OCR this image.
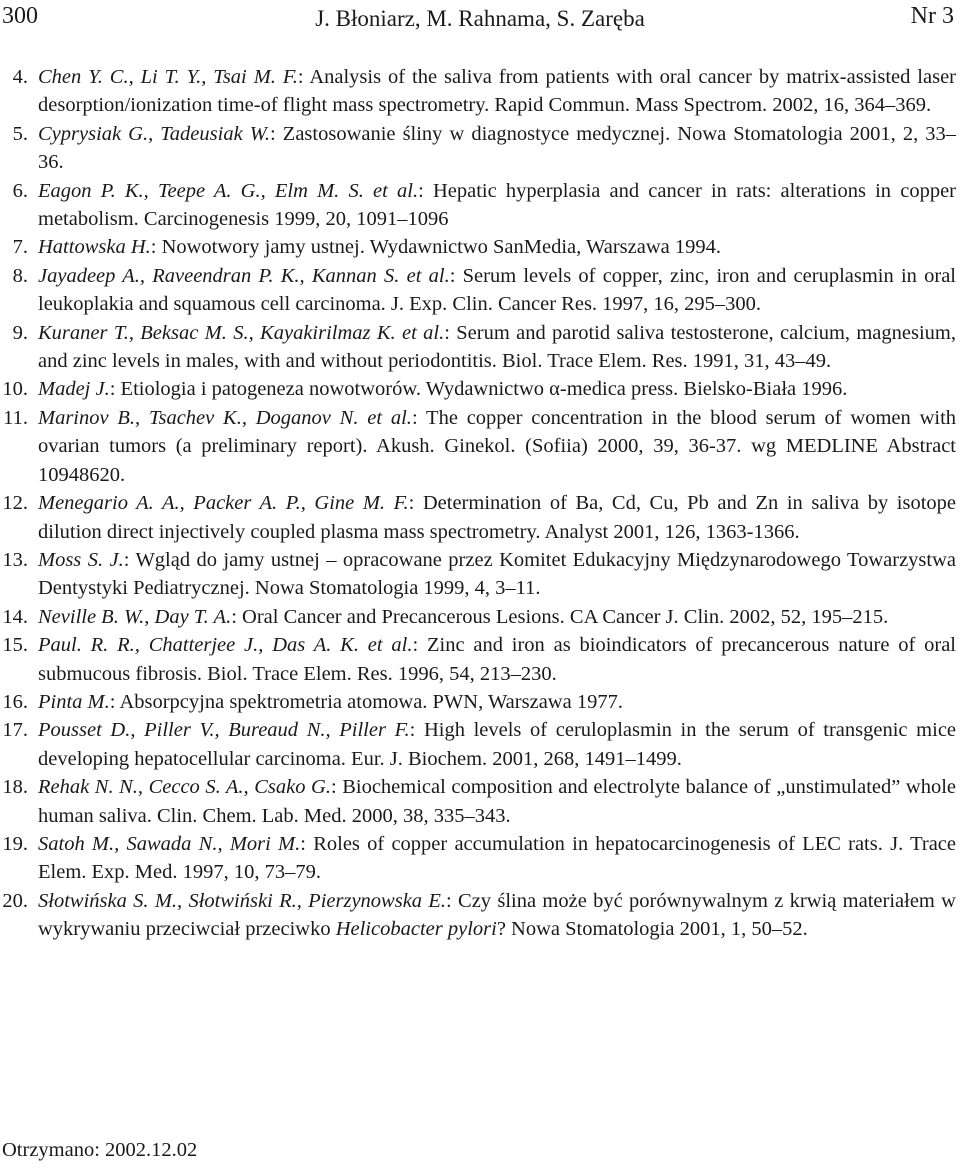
300	J. Błoniarz, M. Rahnama, S. Zaręba	Nr 3

4. Chen Y. C., Li T. Y., Tsai M. F.: Analysis of the saliva from patients with oral cancer by matrix-assisted laser desorption/ionization time-of flight mass spectrometry. Rapid Commun. Mass Spectrom. 2002, 16, 364–369.

5. Cyprysiak G., Tadeusiak W.: Zastosowanie śliny w diagnostyce medycznej. Nowa Stomatologia 2001, 2, 33–36.

6. Eagon P. K., Teepe A. G., Elm M. S. et al.: Hepatic hyperplasia and cancer in rats: alterations in copper metabolism. Carcinogenesis 1999, 20, 1091–1096

7. Hattowska H.: Nowotwory jamy ustnej. Wydawnictwo SanMedia, Warszawa 1994.

8. Jayadeep A., Raveendran P. K., Kannan S. et al.: Serum levels of copper, zinc, iron and ceruplasmin in oral leukoplakia and squamous cell carcinoma. J. Exp. Clin. Cancer Res. 1997, 16, 295–300.

9. Kuraner T., Beksac M. S., Kayakirilmaz K. et al.: Serum and parotid saliva testosterone, calcium, magnesium, and zinc levels in males, with and without periodontitis. Biol. Trace Elem. Res. 1991, 31, 43–49.

10. Madej J.: Etiologia i patogeneza nowotworów. Wydawnictwo α-medica press. Bielsko-Biała 1996.

11. Marinov B., Tsachev K., Doganov N. et al.: The copper concentration in the blood serum of women with ovarian tumors (a preliminary report). Akush. Ginekol. (Sofiia) 2000, 39, 36-37. wg MEDLINE Abstract 10948620.

12. Menegario A. A., Packer A. P., Gine M. F.: Determination of Ba, Cd, Cu, Pb and Zn in saliva by isotope dilution direct injectively coupled plasma mass spectrometry. Analyst 2001, 126, 1363-1366.

13. Moss S. J.: Wgląd do jamy ustnej – opracowane przez Komitet Edukacyjny Międzynarodowego Towarzystwa Dentystyki Pediatrycznej. Nowa Stomatologia 1999, 4, 3–11.

14. Neville B. W., Day T. A.: Oral Cancer and Precancerous Lesions. CA Cancer J. Clin. 2002, 52, 195–215.

15. Paul. R. R., Chatterjee J., Das A. K. et al.: Zinc and iron as bioindicators of precancerous nature of oral submucous fibrosis. Biol. Trace Elem. Res. 1996, 54, 213–230.

16. Pinta M.: Absorpcyjna spektrometria atomowa. PWN, Warszawa 1977.

17. Pousset D., Piller V., Bureaud N., Piller F.: High levels of ceruloplasmin in the serum of transgenic mice developing hepatocellular carcinoma. Eur. J. Biochem. 2001, 268, 1491–1499.

18. Rehak N. N., Cecco S. A., Csako G.: Biochemical composition and electrolyte balance of „unstimulated” whole human saliva. Clin. Chem. Lab. Med. 2000, 38, 335–343.

19. Satoh M., Sawada N., Mori M.: Roles of copper accumulation in hepatocarcinogenesis of LEC rats. J. Trace Elem. Exp. Med. 1997, 10, 73–79.

20. Słotwińska S. M., Słotwiński R., Pierzynowska E.: Czy ślina może być porównywalnym z krwią materiałem w wykrywaniu przeciwciał przeciwko Helicobacter pylori? Nowa Stomatologia 2001, 1, 50–52.

Otrzymano: 2002.12.02
